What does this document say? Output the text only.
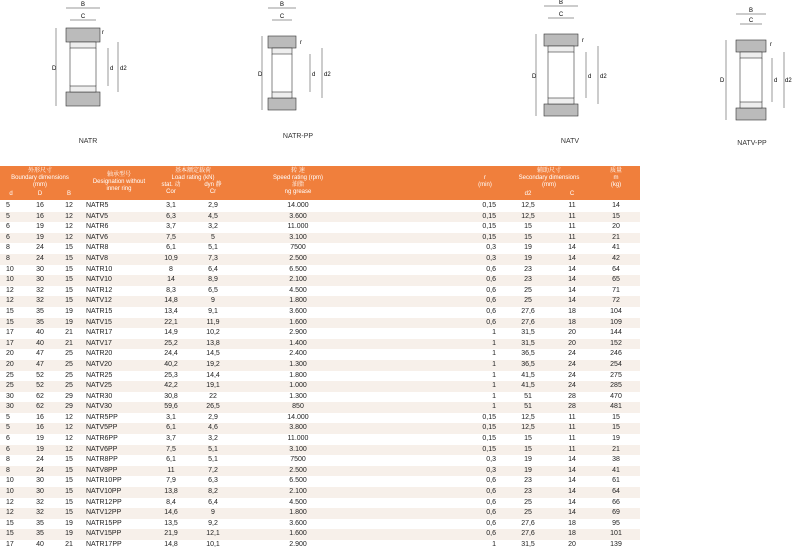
B
C
D	d d2
r
NATR
B
C
D	d d2
r
NATR-PP
B
C
D	d d2
r
NATV
B
C
D	d d2
r
NATV-PP
外形尺寸
Boundary dimensions
(mm)
d	D	B
轴承型号
Designation without
inner ring
基本额定载荷
Load rating (kN)
stat. 动
Cor
dyn 静
Cr
转 速
Speed rating (rpm)
油脂
ng grease
r
(min)
辅助尺寸
Secondary dimensions
(mm)
d2	C
质量
m
(kg)
5	16	12	NATR5	3,1	2,9	14.000	0,15	12,5	11	14
5	16	12	NATV5	6,3	4,5	3.600	0,15	12,5	11	15
6	19	12	NATR6	3,7	3,2	11.000	0,15	15	11	20
6	19	12	NATV6	7,5	5	3.100	0,15	15	11	21
8	24	15	NATR8	6,1	5,1	7500	0,3	19	14	41
8	24	15	NATV8	10,9	7,3	2.500	0,3	19	14	42
10	30	15	NATR10	8	6,4	6.500	0,6	23	14	64
10	30	15	NATV10	14	8,9	2.100	0,6	23	14	65
12	32	15	NATR12	8,3	6,5	4.500	0,6	25	14	71
12	32	15	NATV12	14,8	9	1.800	0,6	25	14	72
15	35	19	NATR15	13,4	9,1	3.600	0,6	27,6	18	104
15	35	19	NATV15	22,1	11,9	1.600	0,6	27,6	18	109
17	40	21	NATR17	14,9	10,2	2.900	1	31,5	20	144
17	40	21	NATV17	25,2	13,8	1.400	1	31,5	20	152
20	47	25	NATR20	24,4	14,5	2.400	1	36,5	24	246
20	47	25	NATV20	40,2	19,2	1.300	1	36,5	24	254
25	52	25	NATR25	25,3	14,4	1.800	1	41,5	24	275
25	52	25	NATV25	42,2	19,1	1.000	1	41,5	24	285
30	62	29	NATR30	30,8	22	1.300	1	51	28	470
30	62	29	NATV30	59,6	26,5	850	1	51	28	481
5	16	12	NATR5PP	3,1	2,9	14.000	0,15	12,5	11	15
5	16	12	NATV5PP	6,1	4,6	3.800	0,15	12,5	11	15
6	19	12	NATR6PP	3,7	3,2	11.000	0,15	15	11	19
6	19	12	NATV6PP	7,5	5,1	3.100	0,15	15	11	21
8	24	15	NATR8PP	6,1	5,1	7500	0,3	19	14	38
8	24	15	NATV8PP	11	7,2	2.500	0,3	19	14	41
10	30	15	NATR10PP	7,9	6,3	6.500	0,6	23	14	61
10	30	15	NATV10PP	13,8	8,2	2.100	0,6	23	14	64
12	32	15	NATR12PP	8,4	6,4	4.500	0,6	25	14	66
12	32	15	NATV12PP	14,6	9	1.800	0,6	25	14	69
15	35	19	NATR15PP	13,5	9,2	3.600	0,6	27,6	18	95
15	35	19	NATV15PP	21,9	12,1	1.600	0,6	27,6	18	101
17	40	21	NATR17PP	14,8	10,1	2.900	1	31,5	20	139
